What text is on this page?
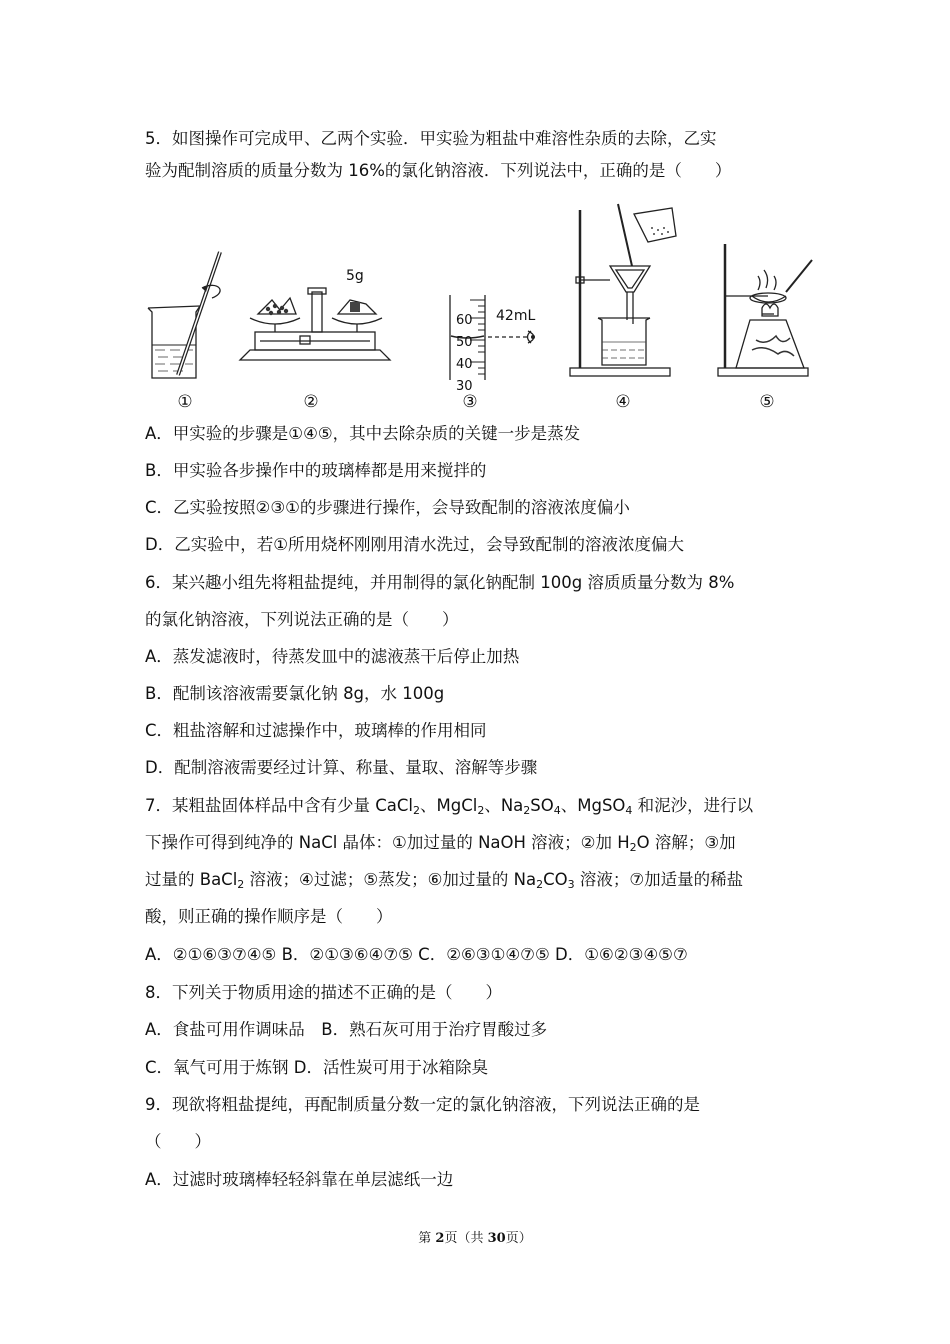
5．如图操作可完成甲、乙两个实验．甲实验为粗盐中难溶性杂质的去除，乙实
验为配制溶质的质量分数为 16%的氯化钠溶液．下列说法中，正确的是（　　）
5g
60
50
40
30
42mL
①	②	③	④	⑤
A．甲实验的步骤是①④⑤，其中去除杂质的关键一步是蒸发
B．甲实验各步操作中的玻璃棒都是用来搅拌的
C．乙实验按照②③①的步骤进行操作，会导致配制的溶液浓度偏小
D．乙实验中，若①所用烧杯刚刚用清水洗过，会导致配制的溶液浓度偏大
6．某兴趣小组先将粗盐提纯，并用制得的氯化钠配制 100g 溶质质量分数为 8%
的氯化钠溶液，下列说法正确的是（　　）
A．蒸发滤液时，待蒸发皿中的滤液蒸干后停止加热
B．配制该溶液需要氯化钠 8g，水 100g
C．粗盐溶解和过滤操作中，玻璃棒的作用相同
D．配制溶液需要经过计算、称量、量取、溶解等步骤
7．某粗盐固体样品中含有少量 CaCl$_2$、MgCl$_2$、$Na_2SO_4$、MgSO$_4$ 和泥沙，进行以
下操作可得到纯净的 NaCl 晶体：①加过量的 NaOH 溶液；②加 $H_2O$ 溶解；③加
过量的 BaCl$_2$ 溶液；④过滤；⑤蒸发；⑥加过量的 $Na_2CO_3$ 溶液；⑦加适量的稀盐
酸，则正确的操作顺序是（　　）
A．②①⑥③⑦④⑤ B．②①③⑥④⑦⑤ C．②⑥③①④⑦⑤ D．①⑥②③④⑤⑦
8．下列关于物质用途的描述不正确的是（　　）
A．食盐可用作调味品　B．熟石灰可用于治疗胃酸过多
C．氧气可用于炼钢 D．活性炭可用于冰箱除臭
9．现欲将粗盐提纯，再配制质量分数一定的氯化钠溶液，下列说法正确的是
（　　）
A．过滤时玻璃棒轻轻斜靠在单层滤纸一边
第 2页（共 30页）
